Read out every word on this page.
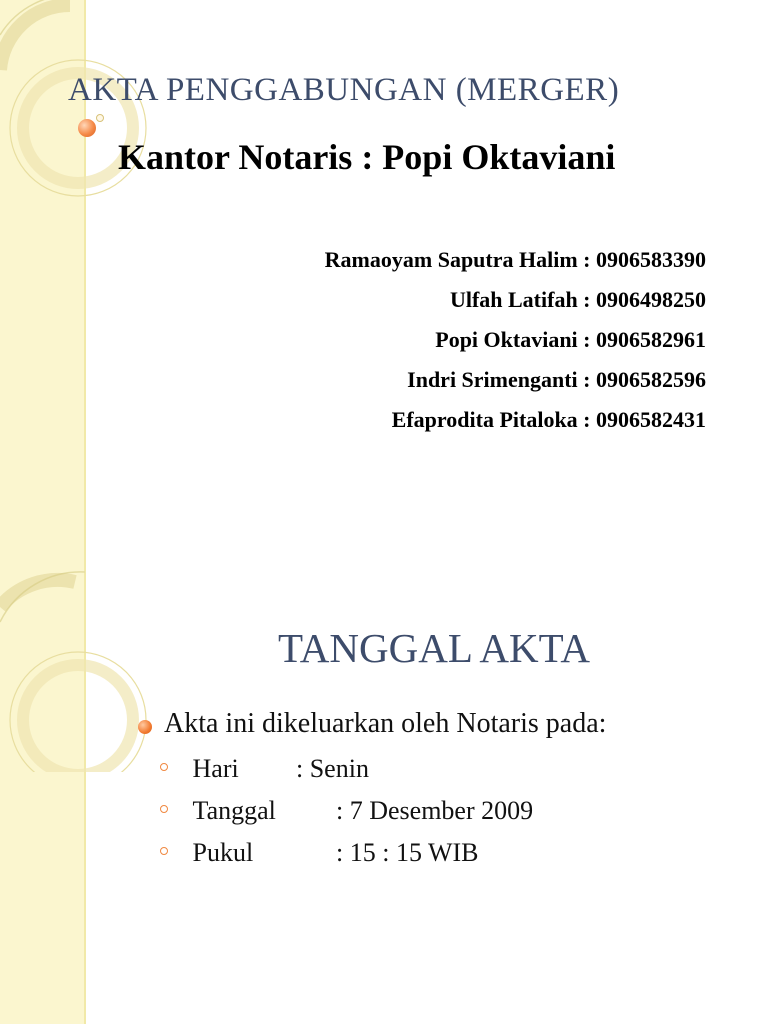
AKTA PENGGABUNGAN (MERGER)
Kantor Notaris : Popi Oktaviani
Ramaoyam Saputra Halim : 0906583390
Ulfah Latifah : 0906498250
Popi Oktaviani : 0906582961
Indri Srimenganti : 0906582596
Efaprodita Pitaloka : 0906582431
TANGGAL AKTA
Akta ini dikeluarkan oleh Notaris pada:
Hari : Senin
Tanggal : 7 Desember 2009
Pukul	: 15 : 15 WIB
